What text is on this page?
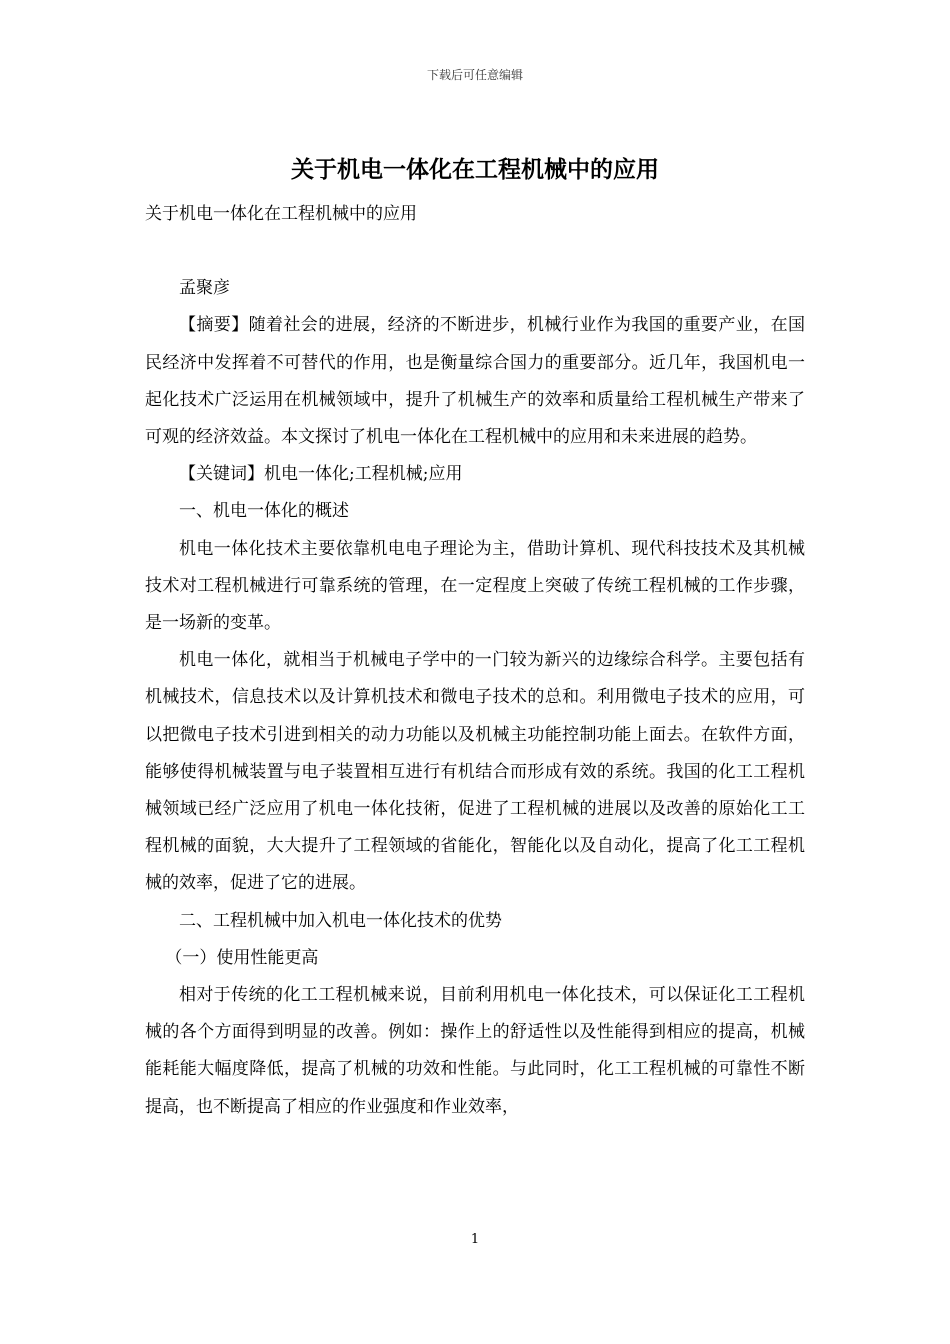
下载后可任意编辑
关于机电一体化在工程机械中的应用

关于机电一体化在工程机械中的应用

孟聚彦

【摘要】随着社会的进展，经济的不断进步，机械行业作为我国的重要产业，在国民经济中发挥着不可替代的作用，也是衡量综合国力的重要部分。近几年，我国机电一起化技术广泛运用在机械领域中，提升了机械生产的效率和质量给工程机械生产带来了可观的经济效益。本文探讨了机电一体化在工程机械中的应用和未来进展的趋势。

【关键词】机电一体化;工程机械;应用

一、机电一体化的概述

机电一体化技术主要依靠机电电子理论为主，借助计算机、现代科技技术及其机械技术对工程机械进行可靠系统的管理，在一定程度上突破了传统工程机械的工作步骤，是一场新的变革。

机电一体化，就相当于机械电子学中的一门较为新兴的边缘综合科学。主要包括有机械技术，信息技术以及计算机技术和微电子技术的总和。利用微电子技术的应用，可以把微电子技术引进到相关的动力功能以及机械主功能控制功能上面去。在软件方面，能够使得机械装置与电子装置相互进行有机结合而形成有效的系统。我国的化工工程机械领域已经广泛应用了机电一体化技術，促进了工程机械的进展以及改善的原始化工工程机械的面貌，大大提升了工程领域的省能化，智能化以及自动化，提高了化工工程机械的效率，促进了它的进展。

二、工程机械中加入机电一体化技术的优势

（一）使用性能更高

相对于传统的化工工程机械来说，目前利用机电一体化技术，可以保证化工工程机械的各个方面得到明显的改善。例如：操作上的舒适性以及性能得到相应的提高，机械能耗能大幅度降低，提高了机械的功效和性能。与此同时，化工工程机械的可靠性不断提高，也不断提高了相应的作业强度和作业效率，

1
